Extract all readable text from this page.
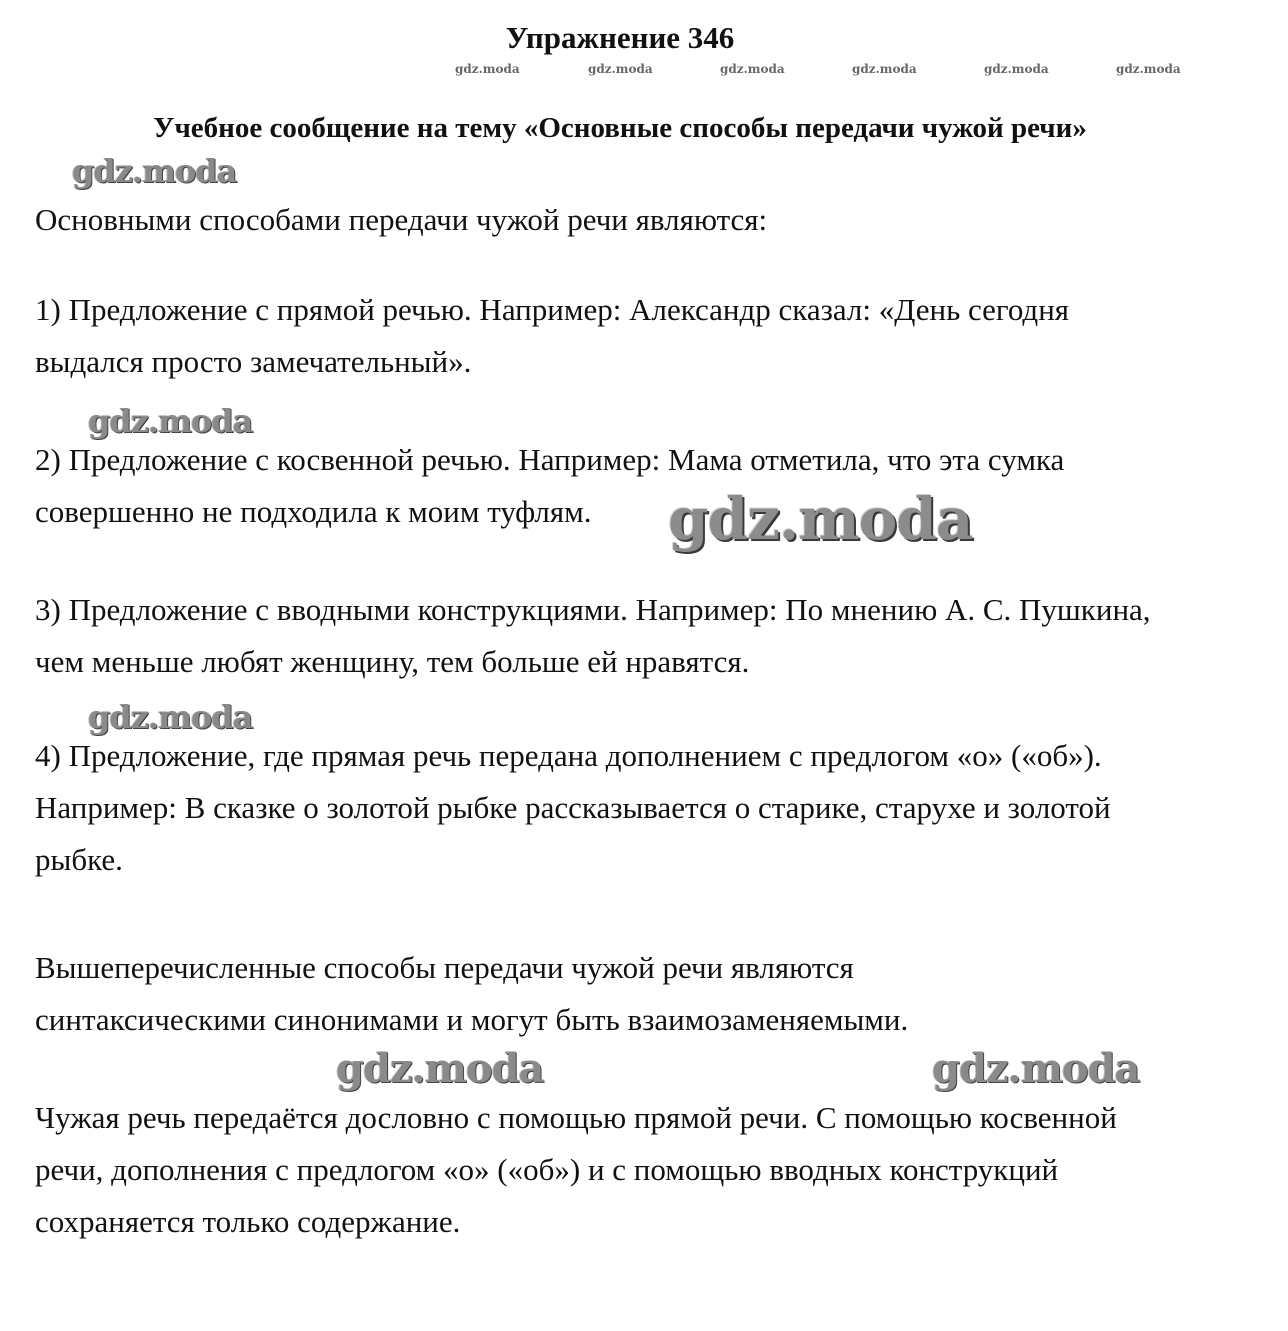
Упражнение 346
gdz.moda	gdz.moda	gdz.moda	gdz.moda	gdz.moda	gdz.moda
Учебное сообщение на тему «Основные способы передачи чужой речи»
gdz.moda

Основными способами передачи чужой речи являются:

1) Предложение с прямой речью. Например: Александр сказал: «День сегодня выдался просто замечательный».

gdz.moda

2) Предложение с косвенной речью. Например: Мама отметила, что эта сумка совершенно не подходила к моим туфлям.	gdz.moda

3) Предложение с вводными конструкциями. Например: По мнению А. С. Пушкина, чем меньше любят женщину, тем больше ей нравятся.

gdz.moda

4) Предложение, где прямая речь передана дополнением с предлогом «о» («об»). Например: В сказке о золотой рыбке рассказывается о старике, старухе и золотой рыбке.

Вышеперечисленные способы передачи чужой речи являются синтаксическими синонимами и могут быть взаимозаменяемыми.

gdz.moda	gdz.moda

Чужая речь передаётся дословно с помощью прямой речи. С помощью косвенной речи, дополнения с предлогом «о» («об») и с помощью вводных конструкций сохраняется только содержание.
